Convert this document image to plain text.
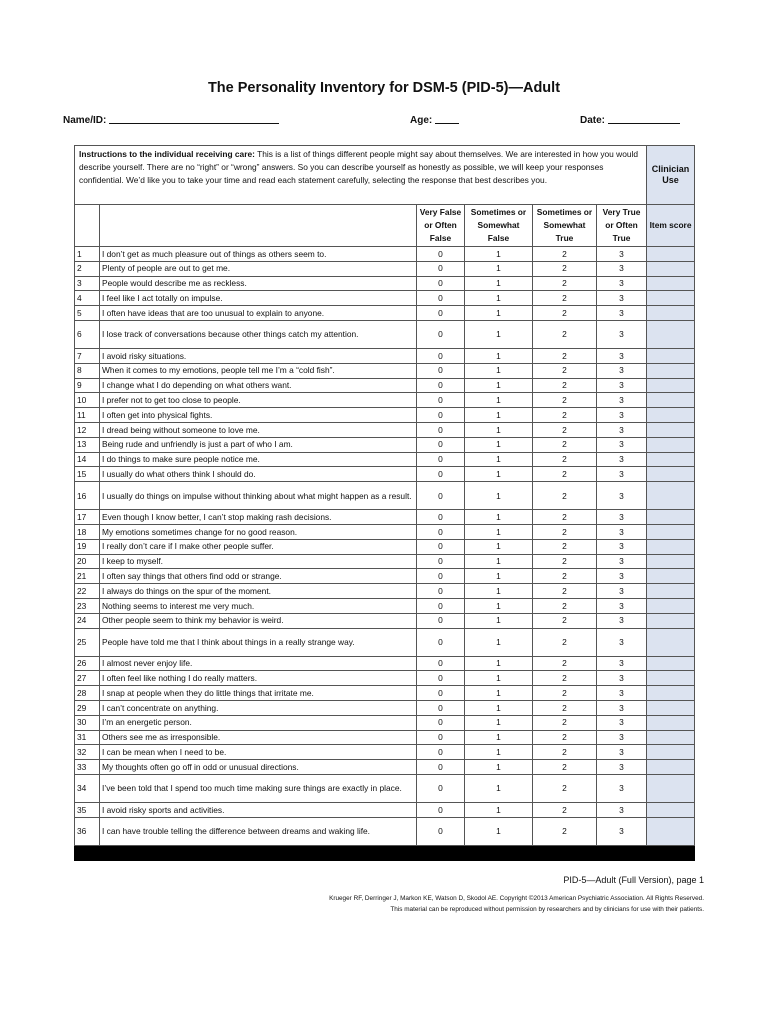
The Personality Inventory for DSM-5 (PID-5)—Adult
Name/ID:	Age:	Date:
Instructions to the individual receiving care: This is a list of things different people might say about themselves. We are interested in how you would describe yourself. There are no “right” or “wrong” answers. So you can describe yourself as honestly as possible, we will keep your responses confidential. We’d like you to take your time and read each statement carefully, selecting the response that best describes you.						Clinician Use
		Very False or Often False	Sometimes or Somewhat False	Sometimes or Somewhat True	Very True or Often True	Item score
1	I don’t get as much pleasure out of things as others seem to.	0	1	2	3	
2	Plenty of people are out to get me.	0	1	2	3	
3	People would describe me as reckless.	0	1	2	3	
4	I feel like I act totally on impulse.	0	1	2	3	
5	I often have ideas that are too unusual to explain to anyone.	0	1	2	3	
6	I lose track of conversations because other things catch my attention.	0	1	2	3	
7	I avoid risky situations.	0	1	2	3	
8	When it comes to my emotions, people tell me I’m a “cold fish”.	0	1	2	3	
9	I change what I do depending on what others want.	0	1	2	3	
10	I prefer not to get too close to people.	0	1	2	3	
11	I often get into physical fights.	0	1	2	3	
12	I dread being without someone to love me.	0	1	2	3	
13	Being rude and unfriendly is just a part of who I am.	0	1	2	3	
14	I do things to make sure people notice me.	0	1	2	3	
15	I usually do what others think I should do.	0	1	2	3	
16	I usually do things on impulse without thinking about what might happen as a result.	0	1	2	3	
17	Even though I know better, I can’t stop making rash decisions.	0	1	2	3	
18	My emotions sometimes change for no good reason.	0	1	2	3	
19	I really don’t care if I make other people suffer.	0	1	2	3	
20	I keep to myself.	0	1	2	3	
21	I often say things that others find odd or strange.	0	1	2	3	
22	I always do things on the spur of the moment.	0	1	2	3	
23	Nothing seems to interest me very much.	0	1	2	3	
24	Other people seem to think my behavior is weird.	0	1	2	3	
25	People have told me that I think about things in a really strange way.	0	1	2	3	
26	I almost never enjoy life.	0	1	2	3	
27	I often feel like nothing I do really matters.	0	1	2	3	
28	I snap at people when they do little things that irritate me.	0	1	2	3	
29	I can’t concentrate on anything.	0	1	2	3	
30	I’m an energetic person.	0	1	2	3	
31	Others see me as irresponsible.	0	1	2	3	
32	I can be mean when I need to be.	0	1	2	3	
33	My thoughts often go off in odd or unusual directions.	0	1	2	3	
34	I’ve been told that I spend too much time making sure things are exactly in place.	0	1	2	3	
35	I avoid risky sports and activities.	0	1	2	3	
36	I can have trouble telling the difference between dreams and waking life.	0	1	2	3	

PID-5—Adult (Full Version), page 1
Krueger RF, Derringer J, Markon KE, Watson D, Skodol AE. Copyright ©2013 American Psychiatric Association. All Rights Reserved.
This material can be reproduced without permission by researchers and by clinicians for use with their patients.
